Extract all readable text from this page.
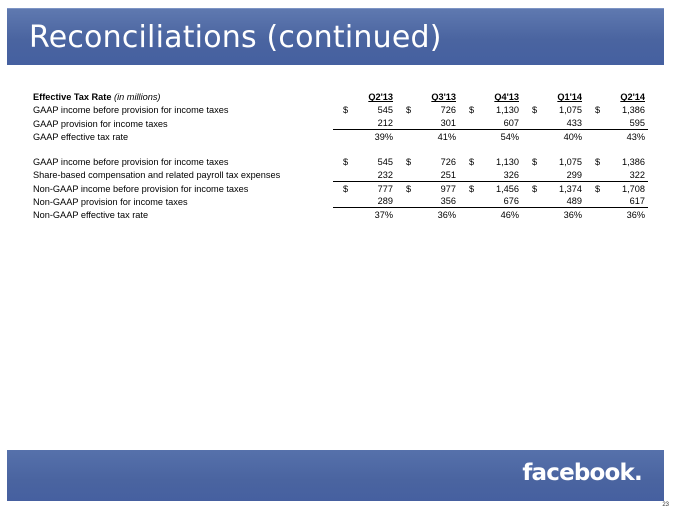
Reconciliations (continued)
Effective Tax Rate (in millions)	Q2'13		Q3'13		Q4'13		Q1'14		Q2'14	
GAAP income before provision for income taxes	$	545	$	726	$	1,130	$	1,075	$	1,386
GAAP provision for income taxes		212		301		607		433		595
GAAP effective tax rate		39%		41%		54%		40%		43%

GAAP income before provision for income taxes	$	545	$	726	$	1,130	$	1,075	$	1,386
Share-based compensation and related payroll tax expenses		232		251		326		299		322
Non-GAAP income before provision for income taxes	$	777	$	977	$	1,456	$	1,374	$	1,708
Non-GAAP provision for income taxes		289		356		676		489		617
Non-GAAP effective tax rate		37%		36%		46%		36%		36%
facebook.
23
